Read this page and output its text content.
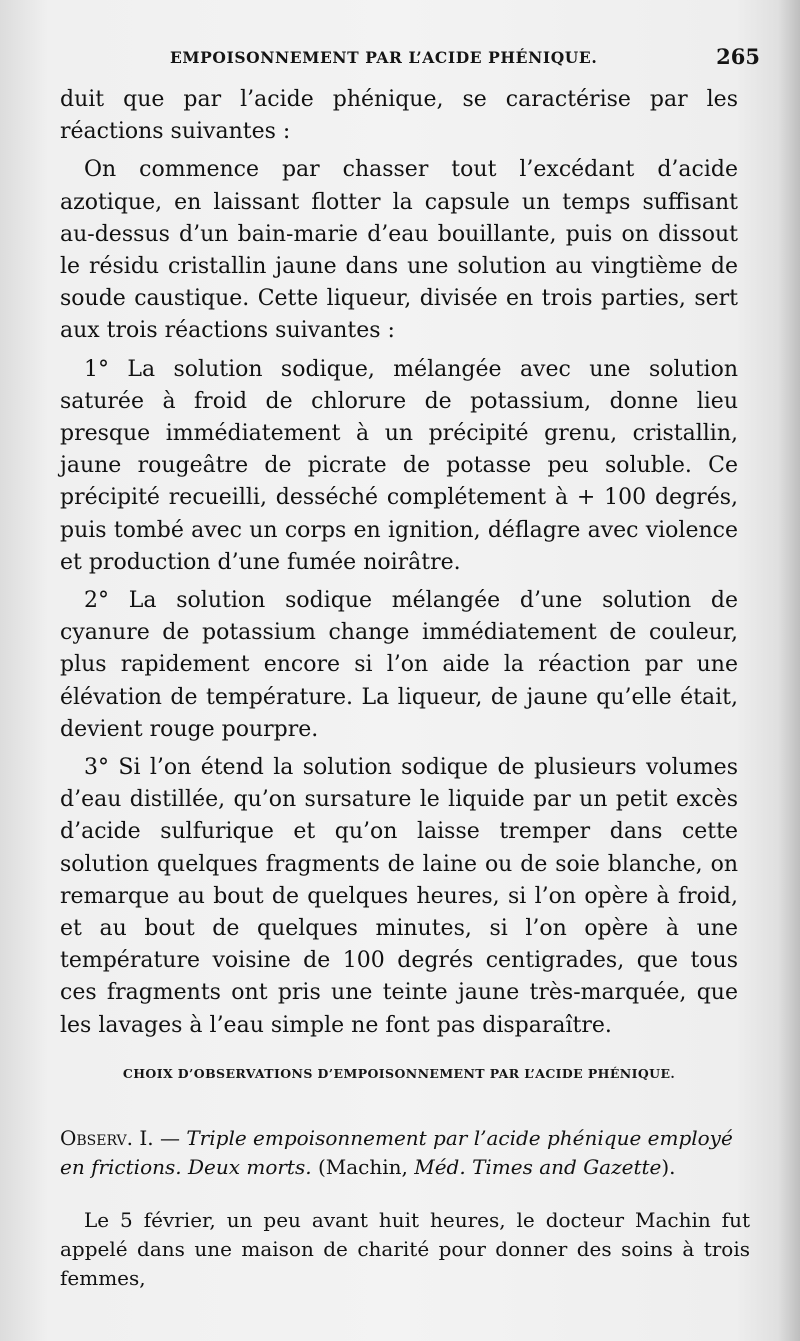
EMPOISONNEMENT PAR L’ACIDE PHÉNIQUE.	265

duit que par l’acide phénique, se caractérise par les réactions suivantes :

On commence par chasser tout l’excédant d’acide azotique, en laissant flotter la capsule un temps suffisant au-dessus d’un bain-marie d’eau bouillante, puis on dissout le résidu cristallin jaune dans une solution au vingtième de soude caustique. Cette liqueur, divisée en trois parties, sert aux trois réactions suivantes :

1° La solution sodique, mélangée avec une solution saturée à froid de chlorure de potassium, donne lieu presque immédiatement à un précipité grenu, cristallin, jaune rougeâtre de picrate de potasse peu soluble. Ce précipité recueilli, desséché complétement à + 100 degrés, puis tombé avec un corps en ignition, déflagre avec violence et production d’une fumée noirâtre.

2° La solution sodique mélangée d’une solution de cyanure de potassium change immédiatement de couleur, plus rapidement encore si l’on aide la réaction par une élévation de température. La liqueur, de jaune qu’elle était, devient rouge pourpre.

3° Si l’on étend la solution sodique de plusieurs volumes d’eau distillée, qu’on sursature le liquide par un petit excès d’acide sulfurique et qu’on laisse tremper dans cette solution quelques fragments de laine ou de soie blanche, on remarque au bout de quelques heures, si l’on opère à froid, et au bout de quelques minutes, si l’on opère à une température voisine de 100 degrés centigrades, que tous ces fragments ont pris une teinte jaune très-marquée, que les lavages à l’eau simple ne font pas disparaître.

CHOIX D’OBSERVATIONS D’EMPOISONNEMENT PAR L’ACIDE PHÉNIQUE.
Observ. I. — Triple empoisonnement par l’acide phénique employé en frictions. Deux morts. (Machin, Méd. Times and Gazette).
Le 5 février, un peu avant huit heures, le docteur Machin fut appelé dans une maison de charité pour donner des soins à trois femmes,
